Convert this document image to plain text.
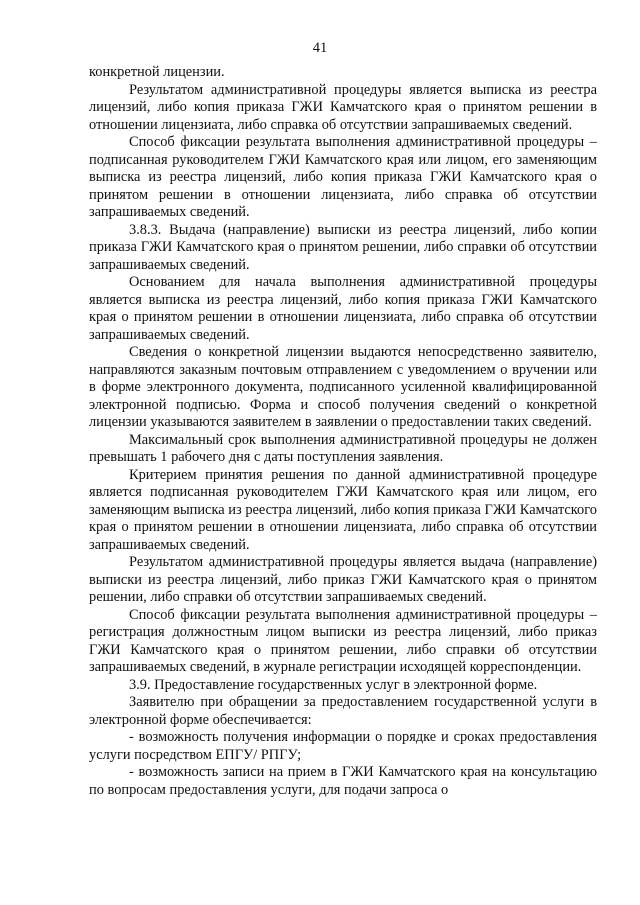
41

конкретной лицензии.

Результатом административной процедуры является выписка из реестра лицензий, либо копия приказа ГЖИ Камчатского края о принятом решении в отношении лицензиата, либо справка об отсутствии запрашиваемых сведений.

Способ фиксации результата выполнения административной процедуры – подписанная руководителем ГЖИ Камчатского края или лицом, его заменяющим выписка из реестра лицензий, либо копия приказа ГЖИ Камчатского края о принятом решении в отношении лицензиата, либо справка об отсутствии запрашиваемых сведений.

3.8.3. Выдача (направление) выписки из реестра лицензий, либо копии приказа ГЖИ Камчатского края о принятом решении, либо справки об отсутствии запрашиваемых сведений.

Основанием для начала выполнения административной процедуры является выписка из реестра лицензий, либо копия приказа ГЖИ Камчатского края о принятом решении в отношении лицензиата, либо справка об отсутствии запрашиваемых сведений.

Сведения о конкретной лицензии выдаются непосредственно заявителю, направляются заказным почтовым отправлением с уведомлением о вручении или в форме электронного документа, подписанного усиленной квалифицированной электронной подписью. Форма и способ получения сведений о конкретной лицензии указываются заявителем в заявлении о предоставлении таких сведений.

Максимальный срок выполнения административной процедуры не должен превышать 1 рабочего дня с даты поступления заявления.

Критерием принятия решения по данной административной процедуре является подписанная руководителем ГЖИ Камчатского края или лицом, его заменяющим выписка из реестра лицензий, либо копия приказа ГЖИ Камчатского края о принятом решении в отношении лицензиата, либо справка об отсутствии запрашиваемых сведений.

Результатом административной процедуры является выдача (направление) выписки из реестра лицензий, либо приказ ГЖИ Камчатского края о принятом решении, либо справки об отсутствии запрашиваемых сведений.

Способ фиксации результата выполнения административной процедуры – регистрация должностным лицом выписки из реестра лицензий, либо приказ ГЖИ Камчатского края о принятом решении, либо справки об отсутствии запрашиваемых сведений, в журнале регистрации исходящей корреспонденции.

3.9. Предоставление государственных услуг в электронной форме.

Заявителю при обращении за предоставлением государственной услуги в электронной форме обеспечивается:

- возможность получения информации о порядке и сроках предоставления услуги посредством ЕПГУ/ РПГУ;

- возможность записи на прием в ГЖИ Камчатского края на консультацию по вопросам предоставления услуги, для подачи запроса о
